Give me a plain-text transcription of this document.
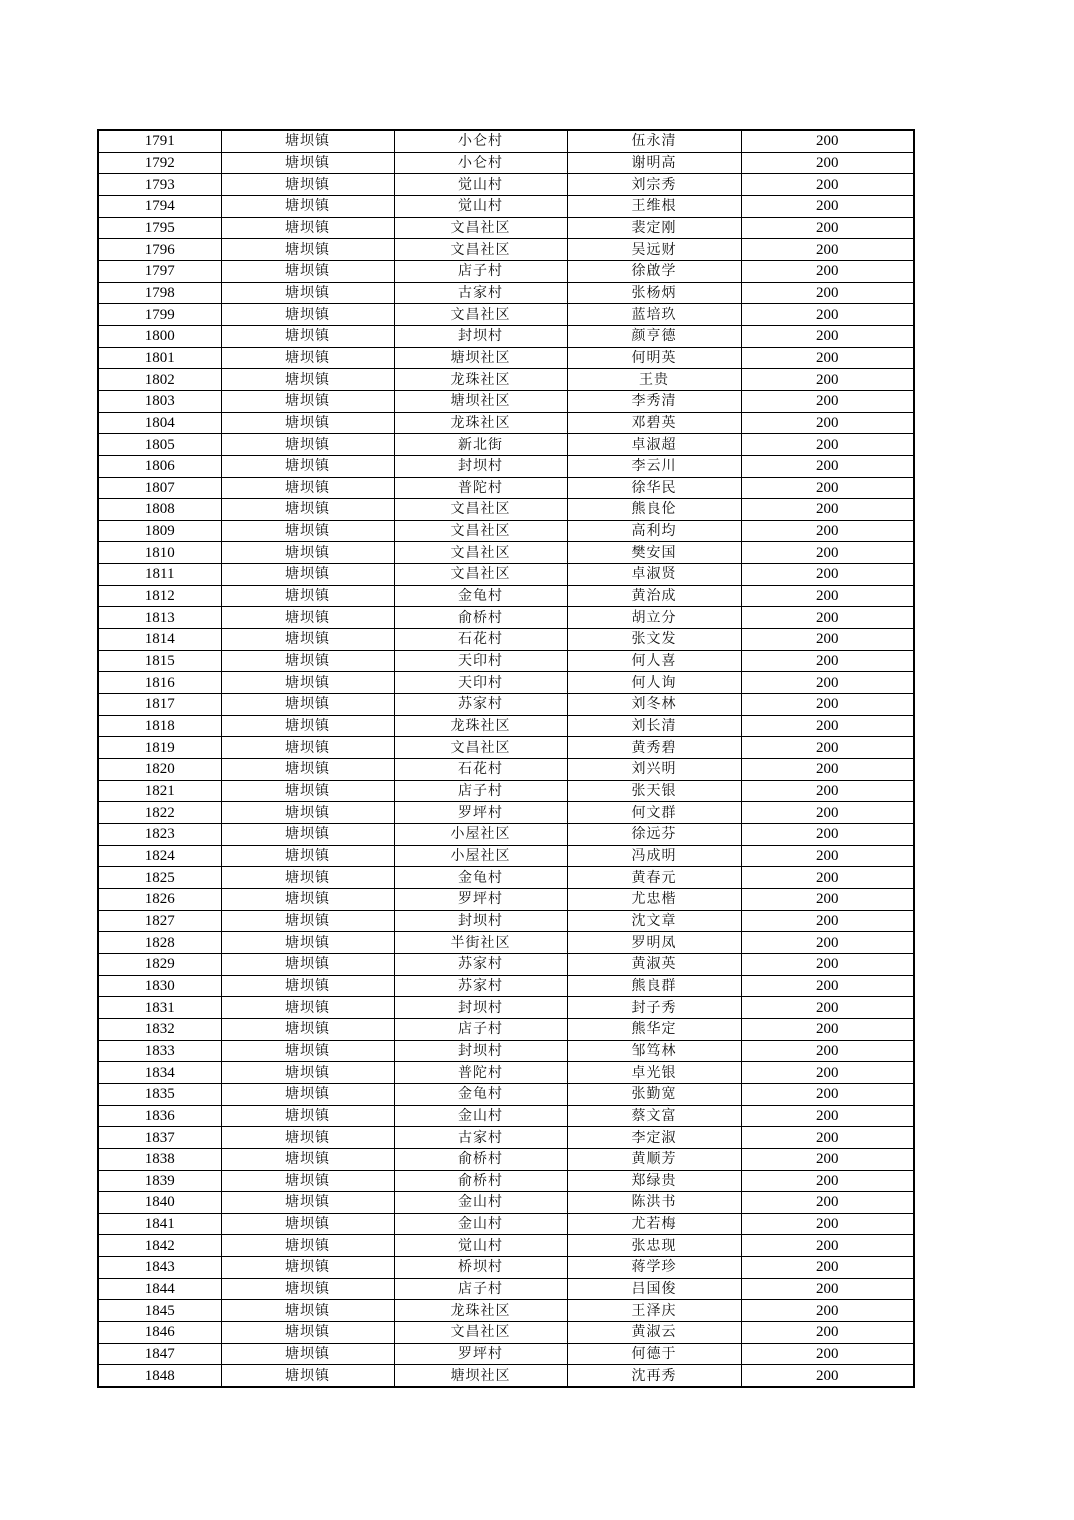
1791	塘坝镇	小仑村	伍永清	200
1792	塘坝镇	小仑村	谢明高	200
1793	塘坝镇	觉山村	刘宗秀	200
1794	塘坝镇	觉山村	王维根	200
1795	塘坝镇	文昌社区	裴定刚	200
1796	塘坝镇	文昌社区	吴远财	200
1797	塘坝镇	店子村	徐啟学	200
1798	塘坝镇	古家村	张杨炳	200
1799	塘坝镇	文昌社区	蓝培玖	200
1800	塘坝镇	封坝村	颜亨德	200
1801	塘坝镇	塘坝社区	何明英	200
1802	塘坝镇	龙珠社区	王贵	200
1803	塘坝镇	塘坝社区	李秀清	200
1804	塘坝镇	龙珠社区	邓碧英	200
1805	塘坝镇	新北街	卓淑超	200
1806	塘坝镇	封坝村	李云川	200
1807	塘坝镇	普陀村	徐华民	200
1808	塘坝镇	文昌社区	熊良伦	200
1809	塘坝镇	文昌社区	高利均	200
1810	塘坝镇	文昌社区	樊安国	200
1811	塘坝镇	文昌社区	卓淑贤	200
1812	塘坝镇	金龟村	黄治成	200
1813	塘坝镇	俞桥村	胡立分	200
1814	塘坝镇	石花村	张文发	200
1815	塘坝镇	天印村	何人喜	200
1816	塘坝镇	天印村	何人询	200
1817	塘坝镇	苏家村	刘冬林	200
1818	塘坝镇	龙珠社区	刘长清	200
1819	塘坝镇	文昌社区	黄秀碧	200
1820	塘坝镇	石花村	刘兴明	200
1821	塘坝镇	店子村	张天银	200
1822	塘坝镇	罗坪村	何文群	200
1823	塘坝镇	小屋社区	徐远芬	200
1824	塘坝镇	小屋社区	冯成明	200
1825	塘坝镇	金龟村	黄春元	200
1826	塘坝镇	罗坪村	尤忠楷	200
1827	塘坝镇	封坝村	沈文章	200
1828	塘坝镇	半街社区	罗明凤	200
1829	塘坝镇	苏家村	黄淑英	200
1830	塘坝镇	苏家村	熊良群	200
1831	塘坝镇	封坝村	封子秀	200
1832	塘坝镇	店子村	熊华定	200
1833	塘坝镇	封坝村	邹笃林	200
1834	塘坝镇	普陀村	卓光银	200
1835	塘坝镇	金龟村	张勤宽	200
1836	塘坝镇	金山村	蔡文富	200
1837	塘坝镇	古家村	李定淑	200
1838	塘坝镇	俞桥村	黄顺芳	200
1839	塘坝镇	俞桥村	郑绿贵	200
1840	塘坝镇	金山村	陈洪书	200
1841	塘坝镇	金山村	尤若梅	200
1842	塘坝镇	觉山村	张忠现	200
1843	塘坝镇	桥坝村	蒋学珍	200
1844	塘坝镇	店子村	吕国俊	200
1845	塘坝镇	龙珠社区	王泽庆	200
1846	塘坝镇	文昌社区	黄淑云	200
1847	塘坝镇	罗坪村	何德于	200
1848	塘坝镇	塘坝社区	沈再秀	200
